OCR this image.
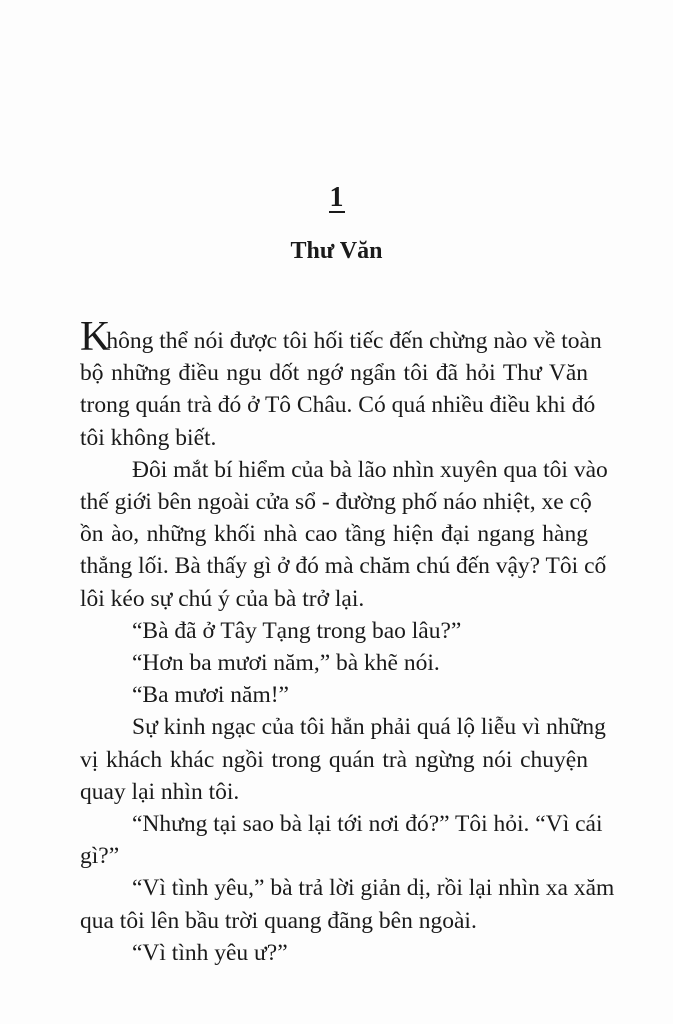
1
Thư Văn
Không thể nói được tôi hối tiếc đến chừng nào về toàn
bộ những điều ngu dốt ngớ ngẩn tôi đã hỏi Thư Văn
trong quán trà đó ở Tô Châu. Có quá nhiều điều khi đó
tôi không biết.
Đôi mắt bí hiểm của bà lão nhìn xuyên qua tôi vào
thế giới bên ngoài cửa sổ - đường phố náo nhiệt, xe cộ
ồn ào, những khối nhà cao tầng hiện đại ngang hàng
thẳng lối. Bà thấy gì ở đó mà chăm chú đến vậy? Tôi cố
lôi kéo sự chú ý của bà trở lại.
“Bà đã ở Tây Tạng trong bao lâu?”
“Hơn ba mươi năm,” bà khẽ nói.
“Ba mươi năm!”
Sự kinh ngạc của tôi hẳn phải quá lộ liễu vì những
vị khách khác ngồi trong quán trà ngừng nói chuyện
quay lại nhìn tôi.
“Nhưng tại sao bà lại tới nơi đó?” Tôi hỏi. “Vì cái
gì?”
“Vì tình yêu,” bà trả lời giản dị, rồi lại nhìn xa xăm
qua tôi lên bầu trời quang đãng bên ngoài.
“Vì tình yêu ư?”
